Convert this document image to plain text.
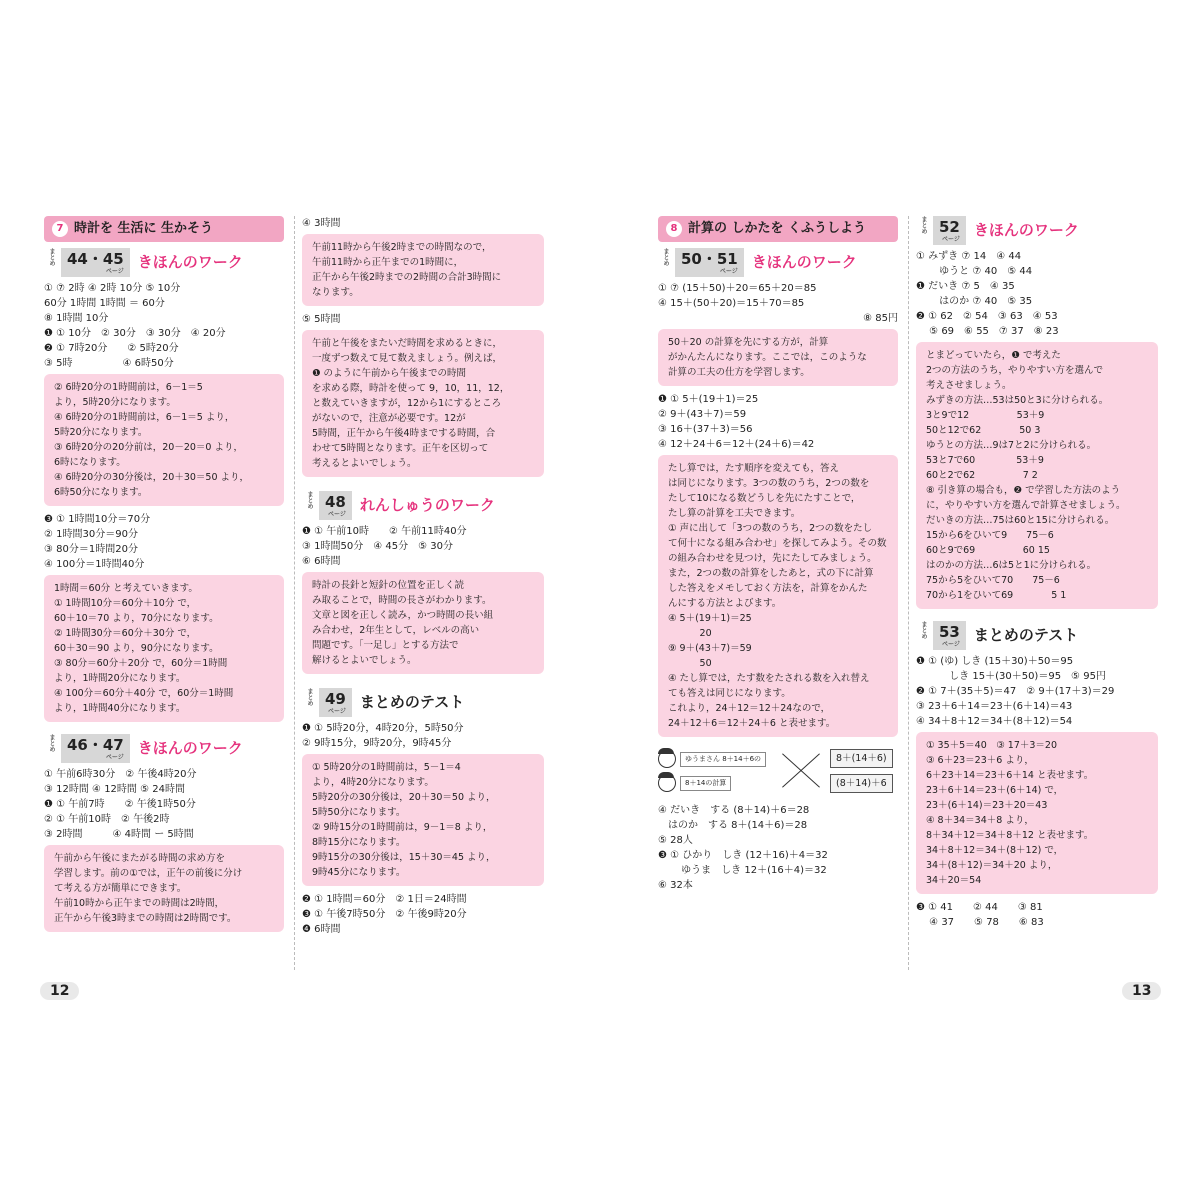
7 時計を 生活に 生かそう
まとめ 44・45
ページ
きほんのワーク
① ⑦ 2時 ④ 2時 10分 ⑤ 10分
60分 1時間 1時間 ＝ 60分
⑧ 1時間 10分
❶ ① 10分　② 30分　③ 30分　④ 20分
❷ ① 7時20分　　② 5時20分
③ 5時　　　　　④ 6時50分
② 6時20分の1時間前は，6－1＝5
より，5時20分になります。
④ 6時20分の1時間前は，6－1＝5 より，
5時20分になります。
③ 6時20分の20分前は，20－20＝0 より，
6時になります。
④ 6時20分の30分後は，20＋30＝50 より，
6時50分になります。
❸ ① 1時間10分＝70分
② 1時間30分＝90分
③ 80分＝1時間20分
④ 100分＝1時間40分
1時間＝60分 と考えていきます。
① 1時間10分＝60分＋10分 で，
60＋10＝70 より，70分になります。
② 1時間30分＝60分＋30分 で，
60＋30＝90 より，90分になります。
③ 80分＝60分＋20分 で，60分＝1時間
より，1時間20分になります。
④ 100分＝60分＋40分 で，60分＝1時間
より，1時間40分になります。
まとめ 46・47
ページ
きほんのワーク
① 午前6時30分　② 午後4時20分
③ 12時間 ④ 12時間 ⑤ 24時間
❶ ① 午前7時　　② 午後1時50分
② ① 午前10時　② 午後2時
③ 2時間　　　④ 4時間 ー 5時間
午前から午後にまたがる時間の求め方を
学習します。前の①では，正午の前後に分け
て考える方が簡単にできます。
午前10時から正午までの時間は2時間，
正午から午後3時までの時間は2時間です。
④ 3時間
午前11時から午後2時までの時間なので，
午前11時から正午までの1時間に，
正午から午後2時までの2時間の合計3時間に
なります。
⑤ 5時間
午前と午後をまたいだ時間を求めるときに，
一度ずつ数えて見て数えましょう。例えば，
❶ のように午前から午後までの時間
を求める際，時計を使って 9，10，11，12，
と数えていきますが，12から1にするところ
がないので，注意が必要です。12が
5時間，正午から午後4時までする時間，合
わせて5時間となります。正午を区切って
考えるとよいでしょう。
まとめ 48
ページ
れんしゅうのワーク
❶ ① 午前10時　　② 午前11時40分
③ 1時間50分　④ 45分　⑤ 30分
⑥ 6時間
時計の長針と短針の位置を正しく読
み取ることで，時間の長さがわかります。
文章と図を正しく読み，かつ時間の長い組
み合わせ，2年生として，レベルの高い
問題です。「一足し」とする方法で
解けるとよいでしょう。
まとめ 49
ページ
まとめのテスト
❶ ① 5時20分，4時20分，5時50分
② 9時15分，9時20分，9時45分
① 5時20分の1時間前は，5－1＝4
より，4時20分になります。
5時20分の30分後は，20＋30＝50 より，
5時50分になります。
② 9時15分の1時間前は，9－1＝8 より，
8時15分になります。
9時15分の30分後は，15＋30＝45 より，
9時45分になります。
❷ ① 1時間＝60分　② 1日＝24時間
❸ ① 午後7時50分　② 午後9時20分
❹ 6時間
12
8 計算の しかたを くふうしよう
まとめ 50・51
ページ
きほんのワーク
① ⑦ (15＋50)＋20＝65＋20＝85
④ 15＋(50＋20)＝15＋70＝85
⑧ 85円
50＋20 の計算を先にする方が，計算
がかんたんになります。ここでは，このような
計算の工夫の仕方を学習します。
❶ ① 5＋(19＋1)＝25
② 9＋(43＋7)＝59
③ 16＋(37＋3)＝56
④ 12＋24＋6＝12＋(24＋6)＝42
たし算では，たす順序を変えても，答え
は同じになります。3つの数のうち，2つの数を
たして10になる数どうしを先にたすことで，
たし算の計算を工夫できます。
① 声に出して「3つの数のうち，2つの数をたし
て何十になる組み合わせ」を探してみよう。その数
の組み合わせを見つけ，先にたしてみましょう。
また，2つの数の計算をしたあと，式の下に計算
した答えをメモしておく方法を，計算をかんた
んにする方法とよびます。
④ 5＋(19＋1)＝25
　　　 20
⑨ 9＋(43＋7)＝59
　　　 50
④ たし算では，たす数をたされる数を入れ替え
ても答えは同じになります。
これより，24＋12＝12＋24なので，
24＋12＋6＝12＋24＋6 と表せます。
ゆうまさん 8＋14＋6の
8＋14の計算
8＋(14＋6)
(8＋14)＋6
④ だいき　する (8＋14)＋6＝28
　はのか　する 8＋(14＋6)＝28
⑤ 28人
❸ ① ひかり　しき (12＋16)＋4＝32
　　 ゆうま　しき 12＋(16＋4)＝32
⑥ 32本
まとめ 52
ページ
きほんのワーク
① みずき ⑦ 14　④ 44
　　 ゆうと ⑦ 40　⑤ 44
❶ だいき ⑦ 5　④ 35
　　 はのか ⑦ 40　⑤ 35
❷ ① 62　② 54　③ 63　④ 53
　 ⑤ 69　⑥ 55　⑦ 37　⑧ 23
とまどっていたら，❶ で考えた
2つの方法のうち，やりやすい方を選んで
考えさせましょう。
みずきの方法…53は50と3に分けられる。
3と9で12　　　　　53＋9
50と12で62　　　　50 3
ゆうとの方法…9は7と2に分けられる。
53と7で60　　　　 53＋9
60と2で62　　　　　7 2
⑧ 引き算の場合も，❷ で学習した方法のよう
に，やりやすい方を選んで計算させましょう。
だいきの方法…75は60と15に分けられる。
15から6をひいて9　　75－6
60と9で69　　　　　60 15
はのかの方法…6は5と1に分けられる。
75から5をひいて70　　75－6
70から1をひいて69　　　　5 1
まとめ 53
ページ
まとめのテスト
❶ ① (ゆ) しき (15＋30)＋50＝95
　　　 しき 15＋(30＋50)＝95　⑤ 95円
❷ ① 7＋(35＋5)＝47　② 9＋(17＋3)＝29
③ 23＋6＋14＝23＋(6＋14)＝43
④ 34＋8＋12＝34＋(8＋12)＝54
① 35＋5＝40　③ 17＋3＝20
③ 6＋23＝23＋6 より，
6＋23＋14＝23＋6＋14 と表せます。
23＋6＋14＝23＋(6＋14) で，
23＋(6＋14)＝23＋20＝43
④ 8＋34＝34＋8 より，
8＋34＋12＝34＋8＋12 と表せます。
34＋8＋12＝34＋(8＋12) で，
34＋(8＋12)＝34＋20 より，
34＋20＝54
❸ ① 41　　② 44　　③ 81
　 ④ 37　　⑤ 78　　⑥ 83
13
